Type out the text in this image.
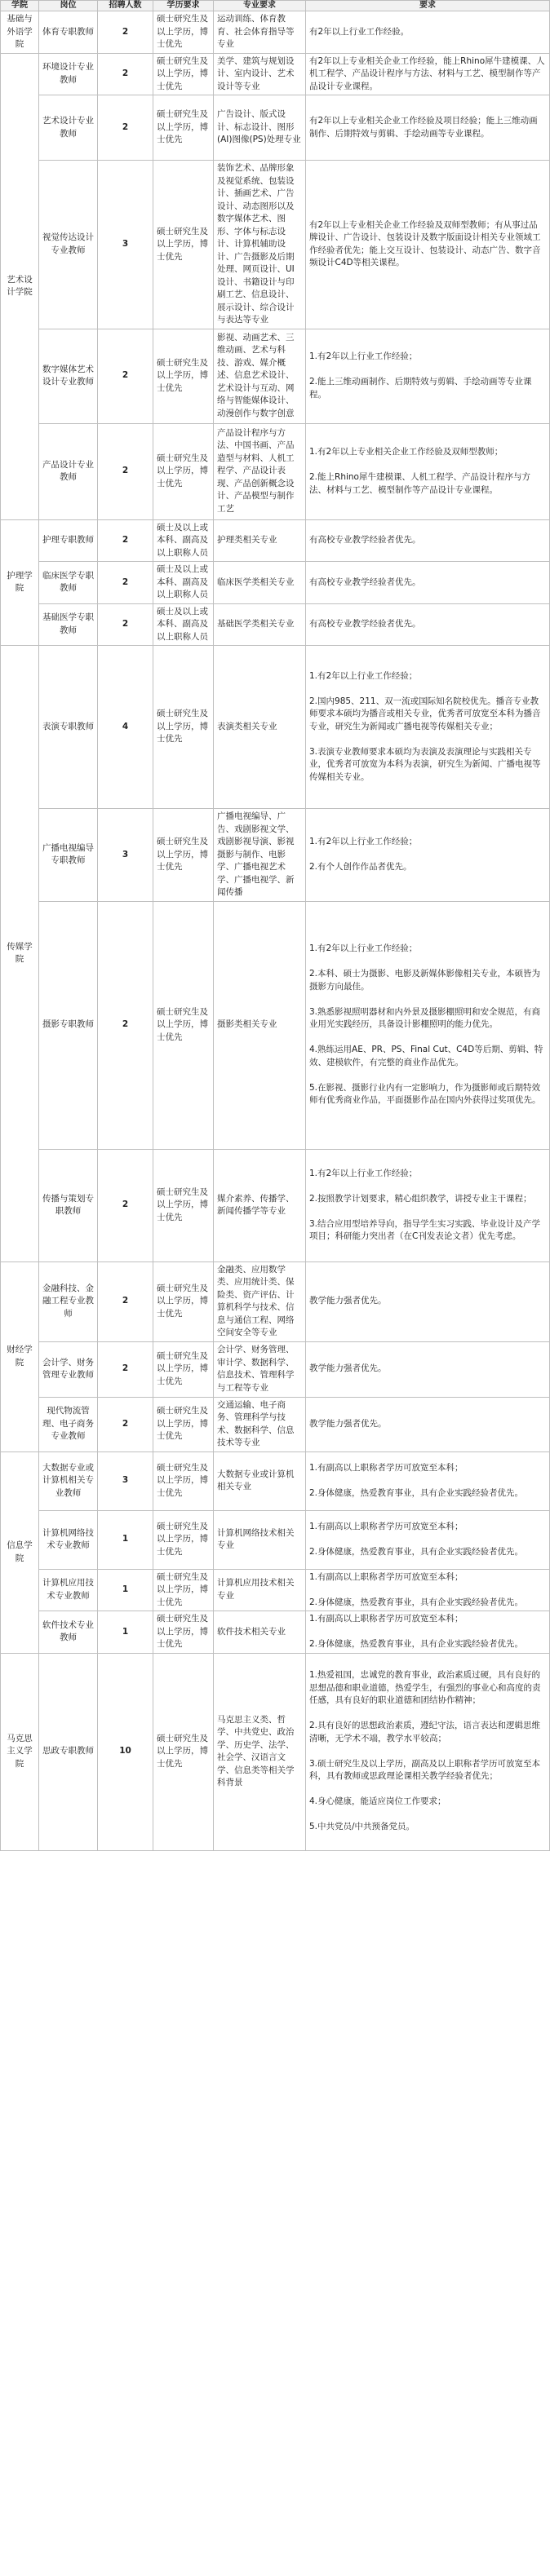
学院	岗位	招聘人数	学历要求	专业要求	要求
基础与外语学院	体育专职教师	2	硕士研究生及以上学历，博士优先	运动训练、体育教育、社会体育指导等专业	有2年以上行业工作经验。
艺术设计学院	环境设计专业教师	2	硕士研究生及以上学历，博士优先	美学、建筑与规划设计、室内设计、艺术设计等专业	有2年以上专业相关企业工作经验，能上Rhino犀牛建模课、人机工程学、产品设计程序与方法、材料与工艺、模型制作等产品设计专业课程。
	艺术设计专业教师	2	硕士研究生及以上学历，博士优先	广告设计、版式设计、标志设计、图形(AI)图像(PS)处理专业	有2年以上专业相关企业工作经验及项目经验；能上三维动画制作、后期特效与剪辑、手绘动画等专业课程。
	视觉传达设计专业教师	3	硕士研究生及以上学历，博士优先	装饰艺术、品牌形象及视觉系统、包装设计、插画艺术、广告设计、动态图形以及数字媒体艺术、图形、字体与标志设计、计算机辅助设计、广告摄影及后期处理、网页设计、UI设计、书籍设计与印刷工艺、信息设计、展示设计、综合设计与表达等专业	有2年以上专业相关企业工作经验及双师型教师；有从事过品牌设计、广告设计、包装设计及数字版面设计相关专业领域工作经验者优先；能上交互设计、包装设计、动态广告、数字音频设计C4D等相关课程。
	数字媒体艺术设计专业教师	2	硕士研究生及以上学历，博士优先	影视、动画艺术、三维动画、艺术与科技、游戏、媒介概述、信息艺术设计、艺术设计与互动、网络与智能媒体设计、动漫创作与数字创意	1.有2年以上行业工作经验；

2.能上三维动画制作、后期特效与剪辑、手绘动画等专业课程。
	产品设计专业教师	2	硕士研究生及以上学历，博士优先	产品设计程序与方法、中国书画、产品造型与材料、人机工程学、产品设计表现、产品创新概念设计、产品模型与制作工艺	1.有2年以上专业相关企业工作经验及双师型教师；

2.能上Rhino犀牛建模课、人机工程学、产品设计程序与方法、材料与工艺、模型制作等产品设计专业课程。
护理学院	护理专职教师	2	硕士及以上或本科、副高及以上职称人员	护理类相关专业	有高校专业教学经验者优先。
	临床医学专职教师	2	硕士及以上或本科、副高及以上职称人员	临床医学类相关专业	有高校专业教学经验者优先。
	基础医学专职教师	2	硕士及以上或本科、副高及以上职称人员	基础医学类相关专业	有高校专业教学经验者优先。
传媒学院	表演专职教师	4	硕士研究生及以上学历，博士优先	表演类相关专业	1.有2年以上行业工作经验；

2.国内985、211、双一流或国际知名院校优先。播音专业教师要求本硕均为播音或相关专业，优秀者可放宽至本科为播音专业，研究生为新闻或广播电视等传媒相关专业；

3.表演专业教师要求本硕均为表演及表演理论与实践相关专业，优秀者可放宽为本科为表演，研究生为新闻、广播电视等传媒相关专业。
	广播电视编导专职教师	3	硕士研究生及以上学历，博士优先	广播电视编导、广告、戏剧影视文学、戏剧影视导演、影视摄影与制作、电影学、广播电视艺术学、广播电视学、新闻传播	1.有2年以上行业工作经验；

2.有个人创作作品者优先。
	摄影专职教师	2	硕士研究生及以上学历，博士优先	摄影类相关专业	1.有2年以上行业工作经验；

2.本科、硕士为摄影、电影及新媒体影像相关专业，本硕皆为摄影方向最佳。

3.熟悉影视照明器材和内外景及摄影棚照明和安全规范，有商业用光实践经历，具备设计影棚照明的能力优先。

4.熟练运用AE、PR、PS、Final Cut、C4D等后期、剪辑、特效、建模软件，有完整的商业作品优先。

5.在影视、摄影行业内有一定影响力，作为摄影师或后期特效师有优秀商业作品，平面摄影作品在国内外获得过奖项优先。
	传播与策划专职教师	2	硕士研究生及以上学历，博士优先	媒介素养、传播学、新闻传播学等专业	1.有2年以上行业工作经验；

2.按照教学计划要求，精心组织教学，讲授专业主干课程；

3.结合应用型培养导向，指导学生实习实践、毕业设计及产学项目；科研能力突出者（在C刊发表论文者）优先考虑。
财经学院	金融科技、金融工程专业教师	2	硕士研究生及以上学历，博士优先	金融类、应用数学类、应用统计类、保险类、资产评估、计算机科学与技术、信息与通信工程、网络空间安全等专业	教学能力强者优先。
	会计学、财务管理专业教师	2	硕士研究生及以上学历，博士优先	会计学、财务管理、审计学、数据科学、信息技术、管理科学与工程等专业	教学能力强者优先。
	现代物流管理、电子商务专业教师	2	硕士研究生及以上学历，博士优先	交通运输、电子商务、管理科学与技术、数据科学、信息技术等专业	教学能力强者优先。
信息学院	大数据专业或计算机相关专业教师	3	硕士研究生及以上学历，博士优先	大数据专业或计算机相关专业	1.有副高以上职称者学历可放宽至本科；

2.身体健康，热爱教育事业，具有企业实践经验者优先。
	计算机网络技术专业教师	1	硕士研究生及以上学历，博士优先	计算机网络技术相关专业	1.有副高以上职称者学历可放宽至本科；

2.身体健康，热爱教育事业，具有企业实践经验者优先。
	计算机应用技术专业教师	1	硕士研究生及以上学历，博士优先	计算机应用技术相关专业	1.有副高以上职称者学历可放宽至本科；

2.身体健康，热爱教育事业，具有企业实践经验者优先。
	软件技术专业教师	1	硕士研究生及以上学历，博士优先	软件技术相关专业	1.有副高以上职称者学历可放宽至本科；

2.身体健康，热爱教育事业，具有企业实践经验者优先。
马克思主义学院	思政专职教师	10	硕士研究生及以上学历，博士优先	马克思主义类、哲学、中共党史、政治学、历史学、法学、社会学、汉语言文学、信息类等相关学科背景	1.热爱祖国，忠诚党的教育事业，政治素质过硬，具有良好的思想品德和职业道德，热爱学生，有强烈的事业心和高度的责任感，具有良好的职业道德和团结协作精神；

2.具有良好的思想政治素质，遵纪守法，语言表达和逻辑思维清晰，无学术不端，教学水平较高；

3.硕士研究生及以上学历，副高及以上职称者学历可放宽至本科，具有教师或思政理论课相关教学经验者优先；

4.身心健康，能适应岗位工作要求；

5.中共党员/中共预备党员。
